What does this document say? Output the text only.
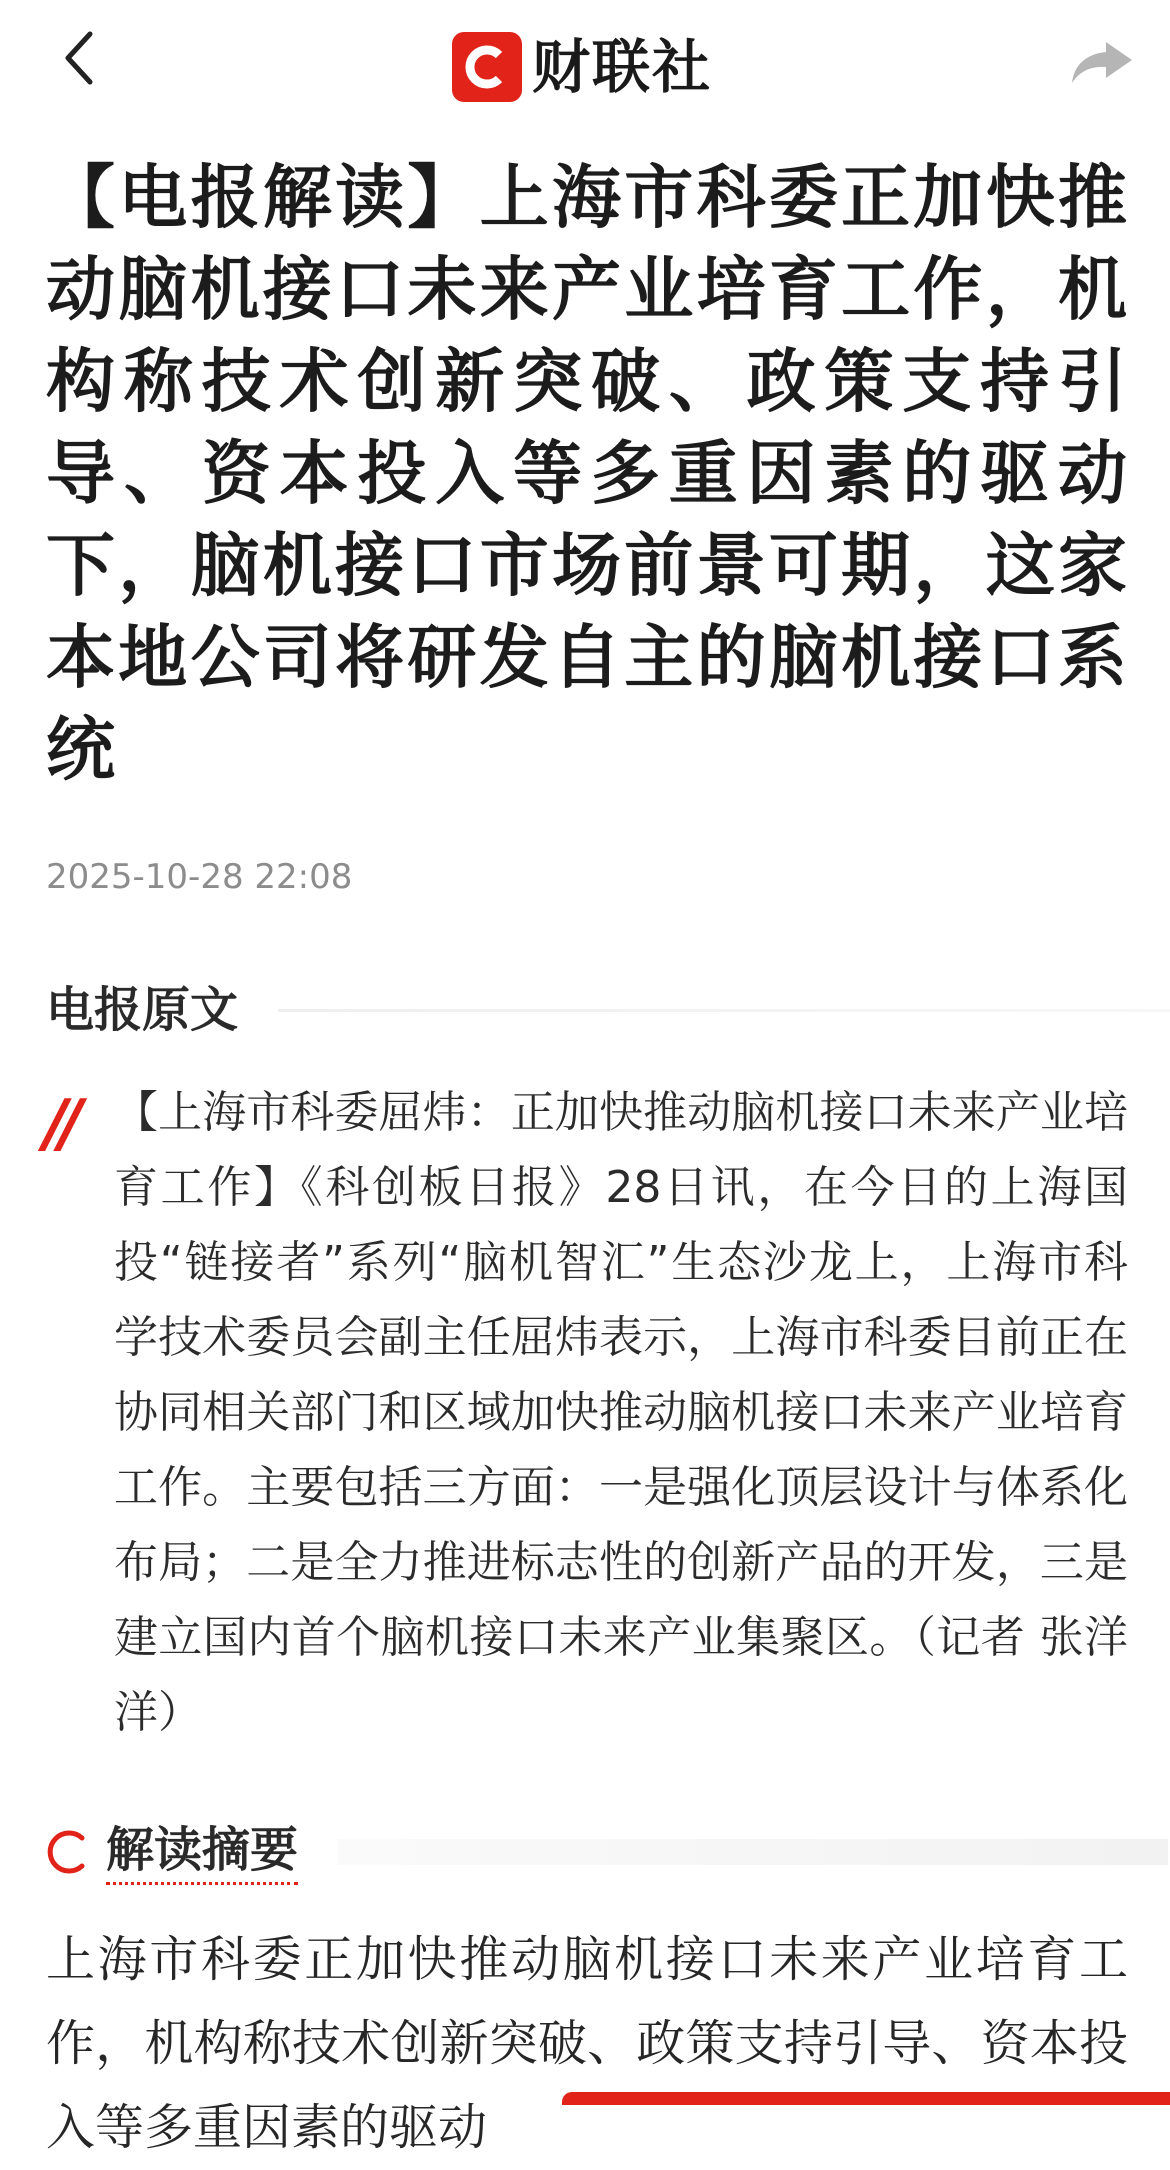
财联社
【电报解读】上海市科委正加快推动脑机接口未来产业培育工作，机构称技术创新突破、政策支持引导、资本投入等多重因素的驱动下，脑机接口市场前景可期，这家本地公司将研发自主的脑机接口系统
2025-10-28 22:08
电报原文
// 【上海市科委屈炜：正加快推动脑机接口未来产业培育工作】《科创板日报》28日讯，在今日的上海国投“链接者”系列“脑机智汇”生态沙龙上，上海市科学技术委员会副主任屈炜表示，上海市科委目前正在协同相关部门和区域加快推动脑机接口未来产业培育工作。主要包括三方面：一是强化顶层设计与体系化布局；二是全力推进标志性的创新产品的开发，三是建立国内首个脑机接口未来产业集聚区。（记者 张洋洋）

解读摘要

上海市科委正加快推动脑机接口未来产业培育工作，机构称技术创新突破、政策支持引导、资本投入等多重因素的驱动
